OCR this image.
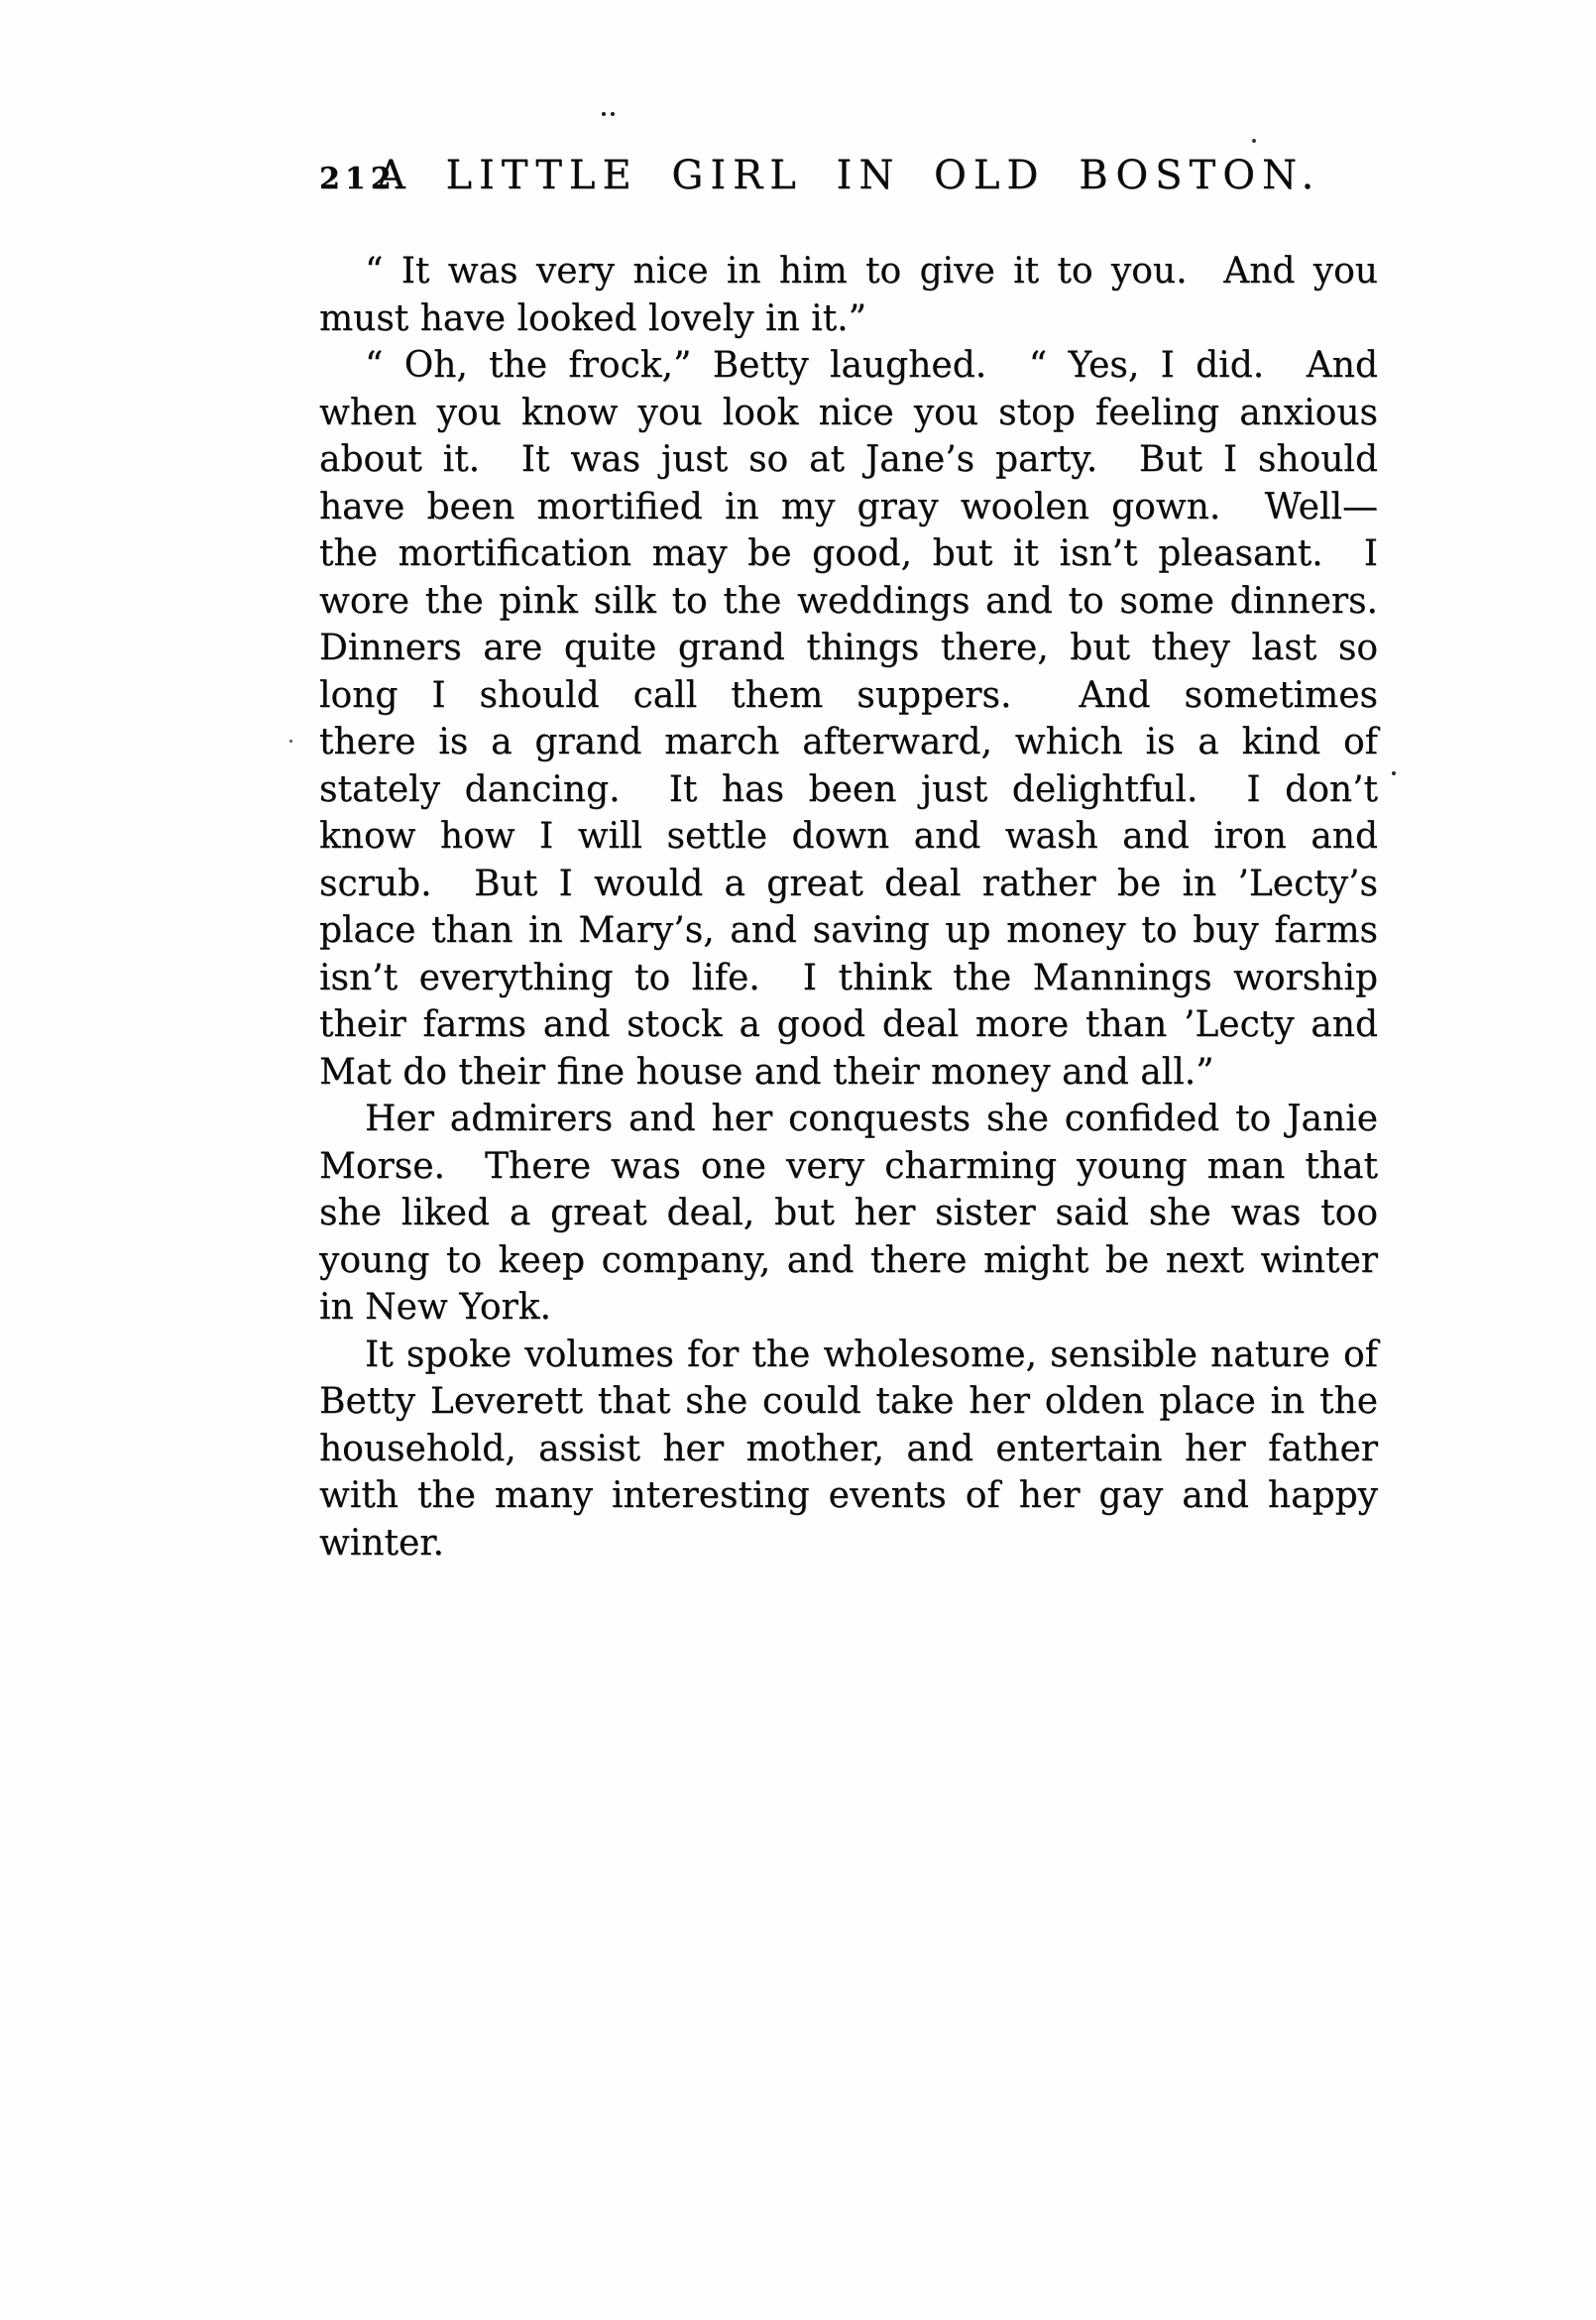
212
A LITTLE GIRL IN OLD BOSTON.
“ It was very nice in him to give it to you.  And you
must have looked lovely in it.”
“ Oh, the frock,” Betty laughed.  “ Yes, I did.  And
when you know you look nice you stop feeling anxious
about it.  It was just so at Jane’s party.  But I should
have been mortified in my gray woolen gown.  Well—
the mortification may be good, but it isn’t pleasant.  I
wore the pink silk to the weddings and to some dinners.
Dinners are quite grand things there, but they last so
long I should call them suppers.  And sometimes
there is a grand march afterward, which is a kind of
stately dancing.  It has been just delightful.  I don’t
know how I will settle down and wash and iron and
scrub.  But I would a great deal rather be in ’Lecty’s
place than in Mary’s, and saving up money to buy farms
isn’t everything to life.  I think the Mannings worship
their farms and stock a good deal more than ’Lecty and
Mat do their fine house and their money and all.”
Her admirers and her conquests she confided to Janie
Morse.  There was one very charming young man that
she liked a great deal, but her sister said she was too
young to keep company, and there might be next winter
in New York.
It spoke volumes for the wholesome, sensible nature of
Betty Leverett that she could take her olden place in the
household, assist her mother, and entertain her father
with the many interesting events of her gay and happy
winter.
